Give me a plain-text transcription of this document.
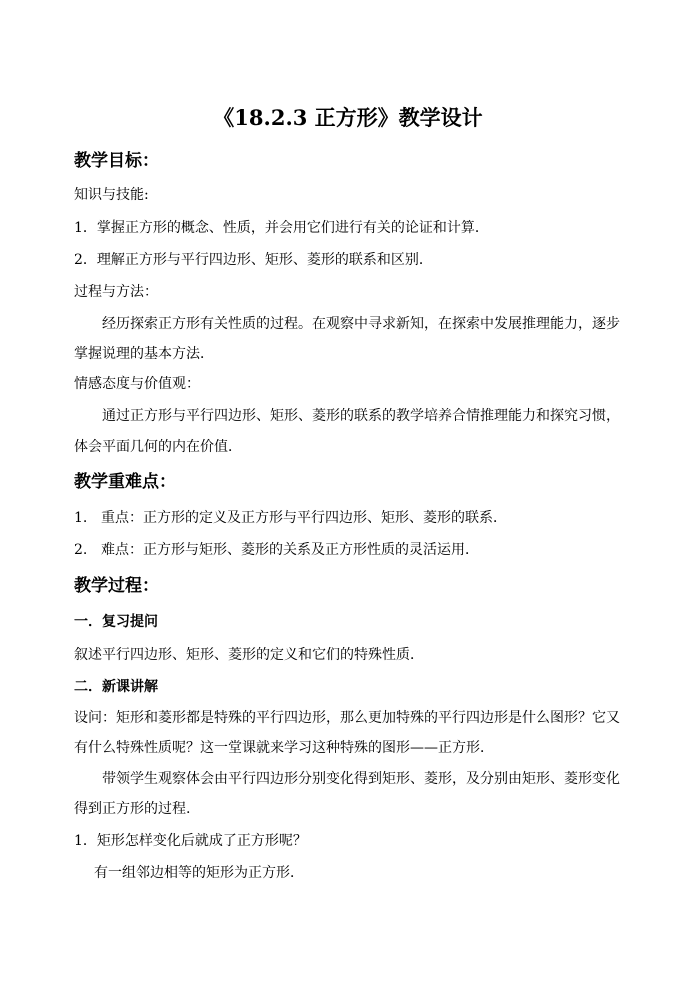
《18.2.3 正方形》教学设计
教学目标：
知识与技能:
1．掌握正方形的概念、性质，并会用它们进行有关的论证和计算．
2．理解正方形与平行四边形、矩形、菱形的联系和区别．
过程与方法：
经历探索正方形有关性质的过程。在观察中寻求新知，在探索中发展推理能力，逐步
掌握说理的基本方法．
情感态度与价值观：
通过正方形与平行四边形、矩形、菱形的联系的教学培养合情推理能力和探究习惯，
体会平面几何的内在价值．
教学重难点：
1. 重点：正方形的定义及正方形与平行四边形、矩形、菱形的联系．
2. 难点：正方形与矩形、菱形的关系及正方形性质的灵活运用．
教学过程：
一．复习提问
叙述平行四边形、矩形、菱形的定义和它们的特殊性质．
二．新课讲解
设问：矩形和菱形都是特殊的平行四边形，那么更加特殊的平行四边形是什么图形？它又
有什么特殊性质呢？这一堂课就来学习这种特殊的图形——正方形．
带领学生观察体会由平行四边形分别变化得到矩形、菱形，及分别由矩形、菱形变化
得到正方形的过程.
1．矩形怎样变化后就成了正方形呢？
有一组邻边相等的矩形为正方形．
